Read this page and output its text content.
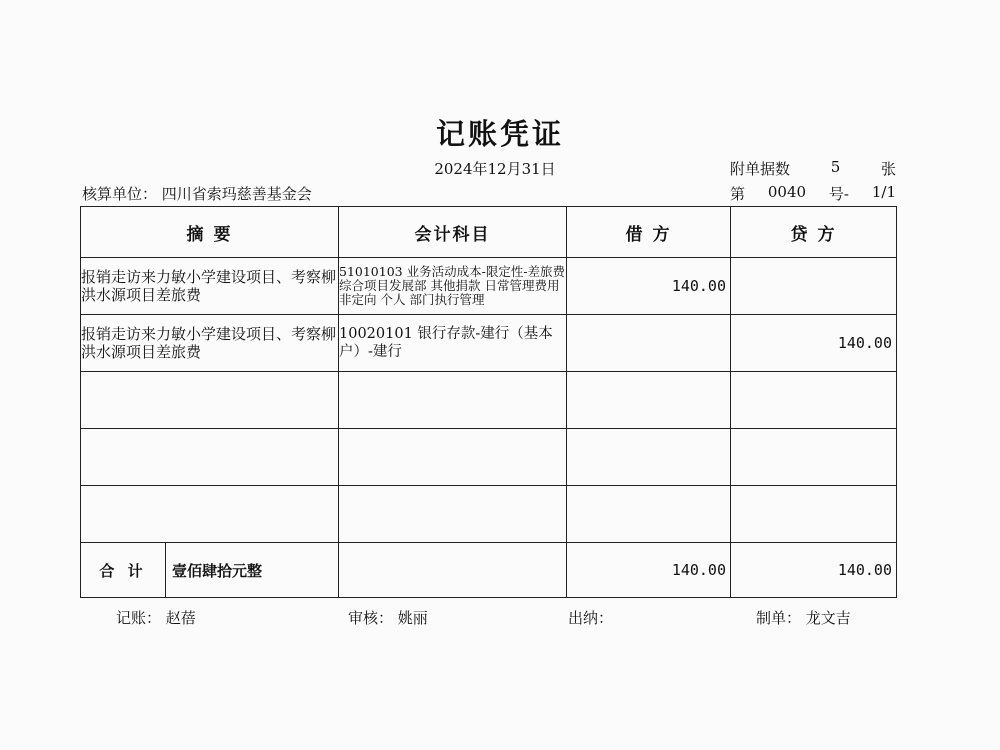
记账凭证
2024年12月31日	附单据数	5	张
核算单位： 四川省索玛慈善基金会	第 0040 号- 1/1
摘 要	会计科目	借 方	贷 方
报销走访来力敏小学建设项目、考察柳洪水源项目差旅费	51010103 业务活动成本-限定性-差旅费 综合项目发展部 其他捐款 日常管理费用 非定向 个人 部门执行管理	140.00	
报销走访来力敏小学建设项目、考察柳洪水源项目差旅费	10020101 银行存款-建行（基本户）-建行		140.00

合 计 壹佰肆拾元整		140.00	140.00
记账： 赵蓓	审核： 姚丽	出纳：	制单： 龙文吉
